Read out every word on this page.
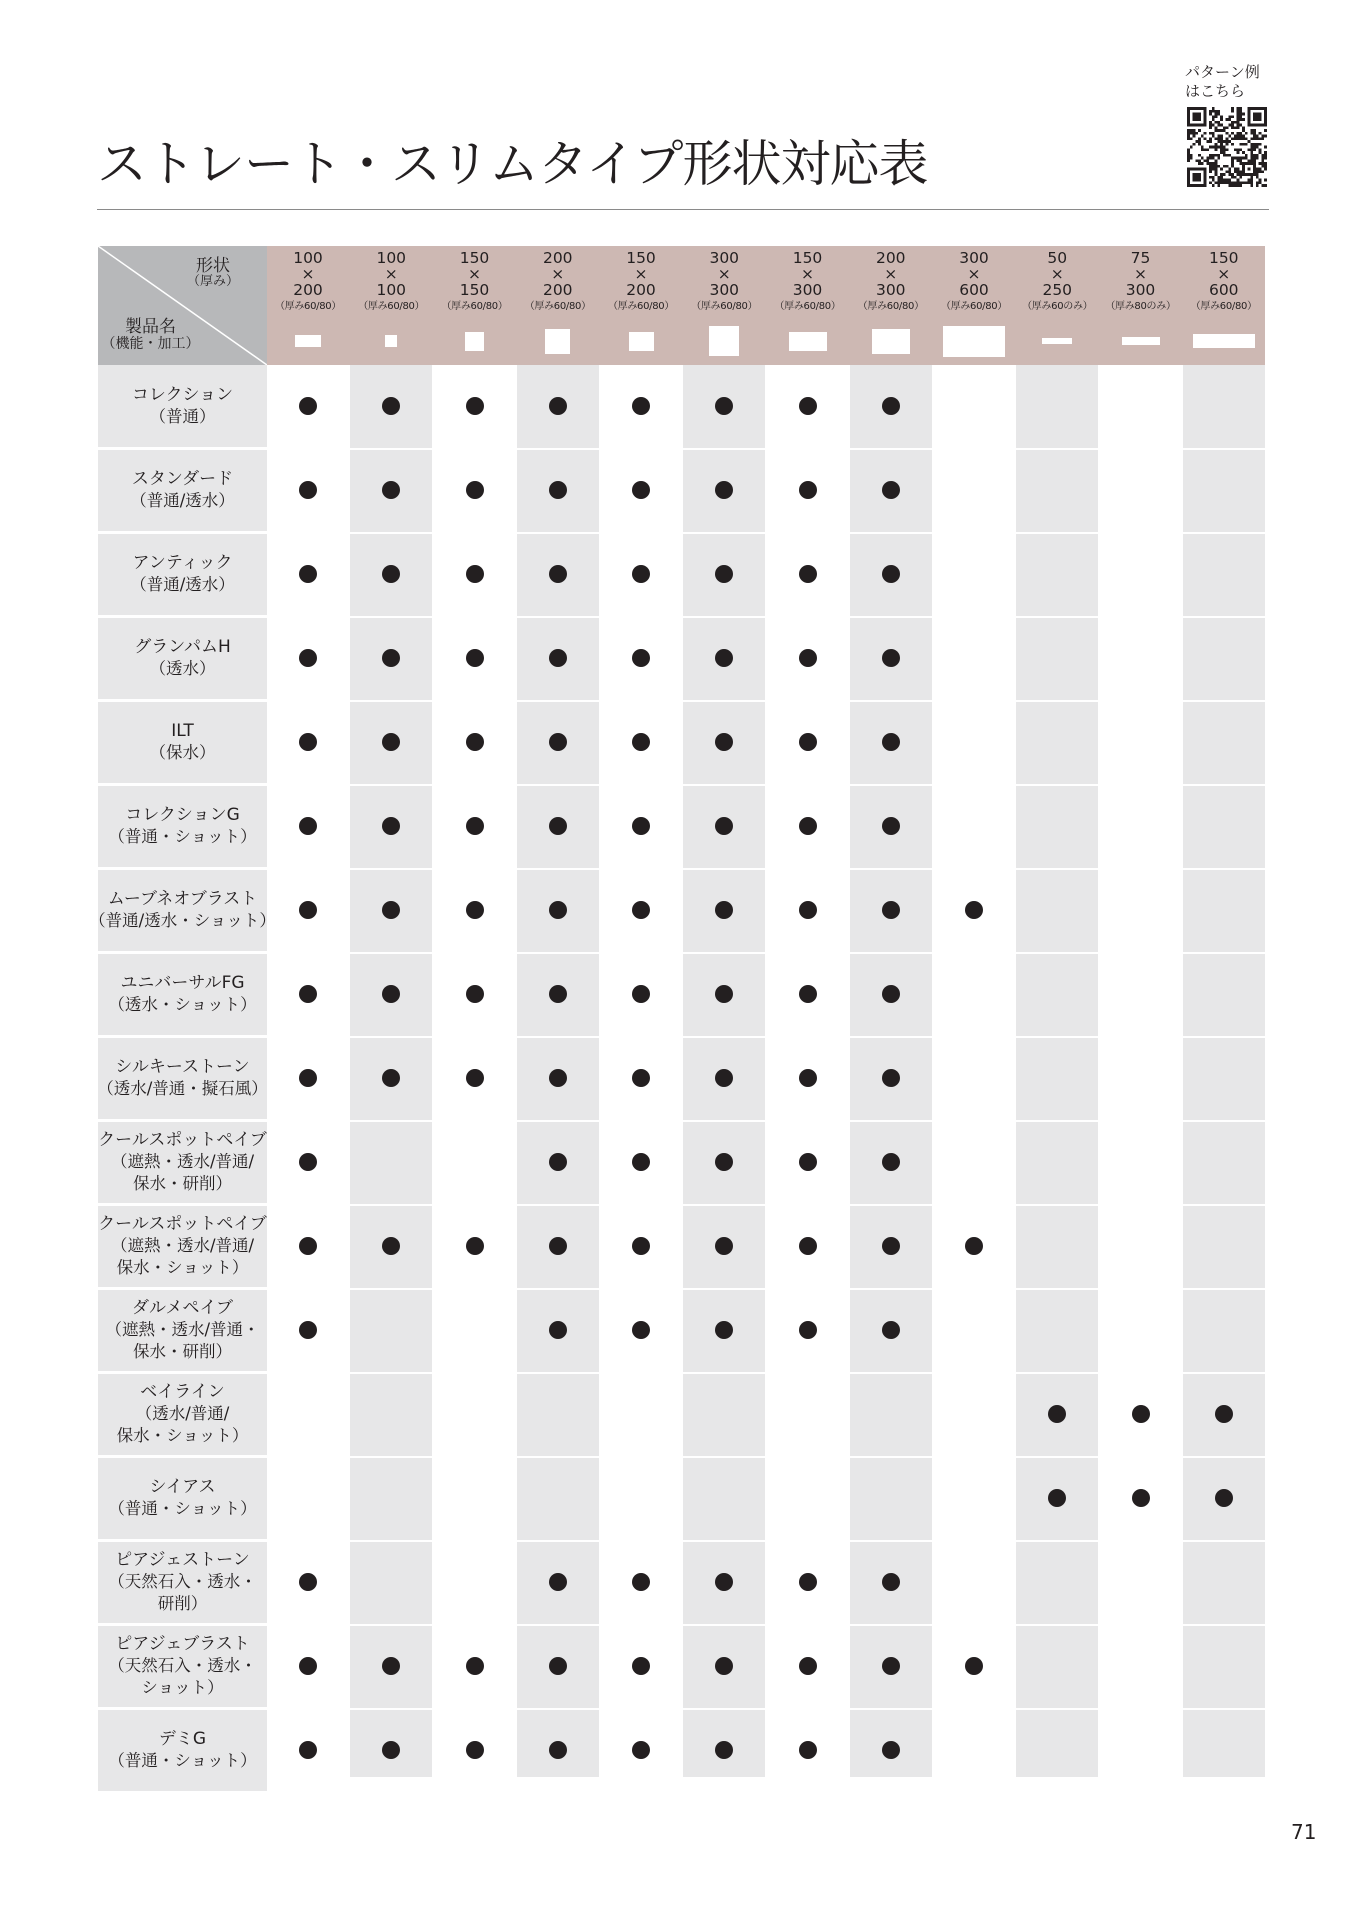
ストレート・スリムタイプ形状対応表
パターン例
はこちら
形状
（厚み）
製品名
（機能・加工）
100
×
200
（厚み60/80）
100
×
100
（厚み60/80）
150
×
150
（厚み60/80）
200
×
200
（厚み60/80）
150
×
200
（厚み60/80）
300
×
300
（厚み60/80）
150
×
300
（厚み60/80）
200
×
300
（厚み60/80）
300
×
600
（厚み60/80）
50
×
250
（厚み60のみ）
75
×
300
（厚み80のみ）
150
×
600
（厚み60/80）
コレクション
（普通）
スタンダード
（普通/透水）
アンティック
（普通/透水）
グランパムH
（透水）
ILT
（保水）
コレクションG
（普通・ショット）
ムーブネオブラスト
（普通/透水・ショット）
ユニバーサルFG
（透水・ショット）
シルキーストーン
（透水/普通・擬石風）
クールスポットペイブ
（遮熱・透水/普通/
保水・研削）
クールスポットペイブ
（遮熱・透水/普通/
保水・ショット）
ダルメペイブ
（遮熱・透水/普通・
保水・研削）
ベイライン
（透水/普通/
保水・ショット）
シイアス
（普通・ショット）
ピアジェストーン
（天然石入・透水・
研削）
ピアジェブラスト
（天然石入・透水・
ショット）
デミG
（普通・ショット）
71
